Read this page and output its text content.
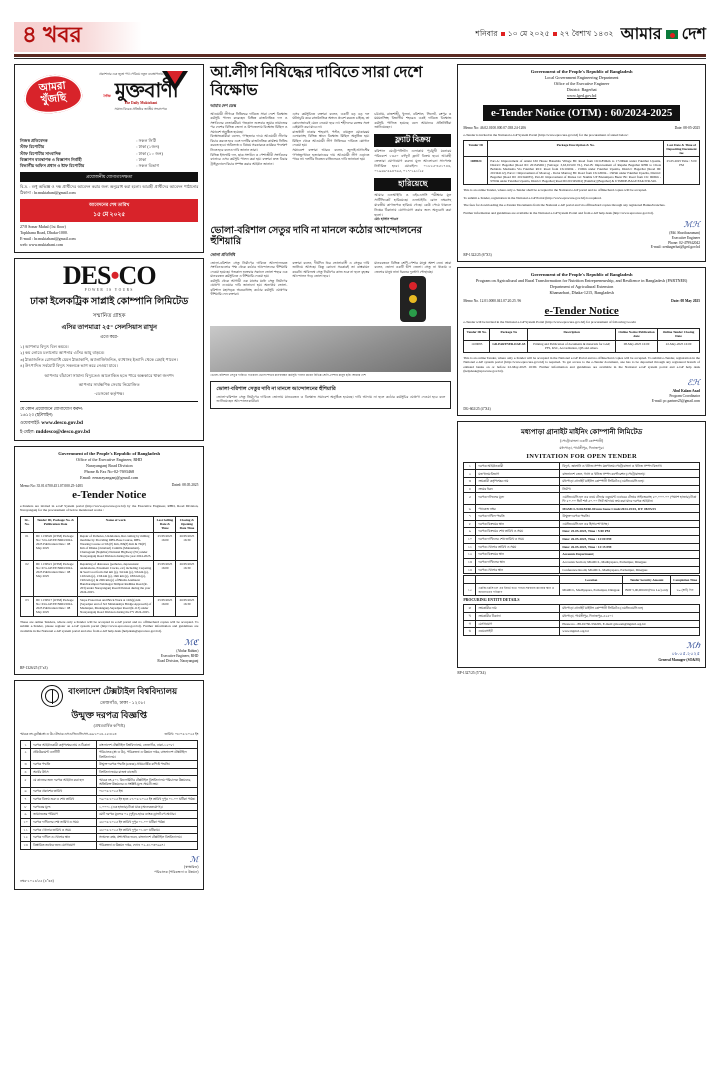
৪ খবর	শনিবার ১০ মে ২০২৫ ২৭ বৈশাখ ১৪৩২ আমার দেশ
আমরা
খুঁজছি
প্রকাশনার এক জুতা পথ পেরিয়ে নতুন ব্যবস্থাপনায়, নতুন আঙ্গিকে
দৈনিক মুক্তবাণী
The Daily Muktobani
সমাজ বিবেক প্রতিষ্ঠার জাতীয় সংবাদপত্র
নিজস্ব প্রতিবেদক	: সকল সিটি
স্টাফ রিপোর্টার	: ঢাকা (১জন)
স্টাফ রিপোর্টার সাংবাদিক	: ঢাকা (১০ জন)
বিজ্ঞাপন ব্যবস্থাপক ও বিজ্ঞাপন নির্বাহী	: ঢাকা
বিভাগীয় অফিস প্রধান ও ষ্টাফ রিপোর্টার	: সকল বিভাগ
প্রয়োজনীয় যোগ্যতা/দক্ষতা
বি.দ্র. : শুধু অভিজ্ঞ ও দক্ষ প্রার্থীদের আবেদন করার জন্য অনুরোধ করা হলো। আগ্রহী প্রার্থীদের আবেদন পাঠানোর ঠিকানা : hr.muktabani@gmail.com
আবেদনের শেষ তারিখ
১৫ মে ২০২৫
27/8 Sonar Mahal (1st floor)
Topkhana Road, Dhaka-1000.
E-mail : hr.muktabani@gmail.com
web: www.muktabani.com
DES•CO
POWER IS YOURS
ঢাকা ইলেকট্রিক সাপ্লাই কোম্পানি লিমিটেড
সম্মানিত গ্রাহক
এসির তাপমাত্রা ২৫° সেলসিয়াস রাখুন
এতে করে-
১) আপনার বিদ্যুৎ বিল কমবে।
২) কম লোডে চলানোয় আপনার এসির আয়ু বাড়বে।
৩) ঠান্ডাজনিত রোগব্যাধি যেমন ঠান্ডাকাশি, অ্যালার্জিজনিত, ব্যাথাসহ ইত্যাদি থেকে রেহাই পাবেন।
৪) উৎপাদিত সর্বমোট বিদ্যুৎ সকলকে ভাগ করে নেওয়া যাবে।
আপনার বাঁচানো সামান্য বিদ্যুতেও আলোকিত হতে পারে অন্ধকারে থাকা জনপদ
আপনার সার্বক্ষণিক সেবায় নিয়োজিত
-ডেসকো কর্তৃপক্ষ।
যে কোন প্রয়োজনে যোগাযোগ করুন:
১৬১২০ (হটলাইন)
ওয়েবসাইট: www.desco.gov.bd
ই-মেইল: mddesco@desco.gov.bd
Government of the People's Republic of Bangladesh
Office of the Executive Engineer, RHD
Narayanganj Road Division
Phone & Fax No-02-7693468
Email: eenarayanganj@gmail.com
Memo No: 35.01.6700.451.07.000.25-1483	Dated: 08.05.2025
e-Tender Notice
e-Tenders are invited in e-GP System portal (http://www.eprocure.gov.bd) by the Executive Engineer, RHD, Road Division, Narayanganj for the procurement of below mentioned works :
SL. No.	Tender ID, Package No. & Publication Date	Name of work	Last Selling Date & Time	Closing & Opening Date Time
01	ID: 1139526 (OTM) Package No: 72/e-GP/EE/NRD/2024-2025 Publication Date : 08 May 2025	Repair of Potholes, Undulation, Rut cutting by milling machine by Providing DBS-Base Course, DBS-Wearing Course at 5th (P) Km, 8th(P) Km & 7th(P) Km of Dhaka (Jatrabari) Cumilla (Mainamati)-Chattogram (Najirhat) National Highway (N1) under Narayanganj Road Division during the year 2024-2025.	25/05/2025 16:00	26/05/2025 16:30
02	ID: 1139521 (OTM) Package No: 67/e-GP/EE/NRD/2024-2025 Publication Date : 08 May 2025	Repairing of distresses (potholes, depressions/ undulations, Pavement Cracks, etc) including Carpeting & Seal Coat from 2nd km (p), 3rd km (p), 5th km (p), 12th km (p), 13th km (p), 16th km (p), 18th km (p), 19th km (p) & 20th km (p) of Bhulta Araihazar Bancharampur Nabinagar Shibpur Radhika Road (R-203) under Narayanganj Road Division during the year 2024-2025.	25/05/2025 16:00	26/05/2025 16:30
03	ID: 1139517 (OTM) Package No: 63/e-GP/EE/NRD/2024-2025 Publication Date : 08 May 2025	Slope Protection and Brick Work at 12th(p) km (Sayedpur end of 3rd Shitalakshya Bridge Approach) of Madanpur, Madanganj-Sayedpur Road (R-113) under Narayanganj Road Division during the FY 2024-2025.	25/05/2025 16:00	26/05/2025 16:30
These are online Tenders, where only e-Tender will be accepted in e-GP portal and no offline/hard copies will be accepted. To submit e-Tender, please register on e-GP system portal (http://www.eprocure.gov.bd). Further information and guidelines are available in the National e-GP system portal and also from e-GP help desk (helpdesk@eprocure.gov.bd).
ℳℭ
(Abdur Rahim)
Executive Engineer, RHD
Road Division, Narayanganj
RP-1326/25 (5"x3)
বাংলাদেশ টেক্সটাইল বিশ্ববিদ্যালয়
তেজগাঁও, ঢাকা - ১২০৮।
উন্মুক্ত দরপত্র বিজ্ঞপ্তি
(প্রথমবার্ষিক কপি/ষ্ট)
স্মারক নং-বুটেক্স/প্ল্য ও উ:/টেন্ডার/এসএ/জিএসিসেস-৬৬/২০২৪-২৫/৪২৩	তারিখ: ০৮/০৫/২০২৫ ইং
১	দরপত্র আহ্বানকারী কর্তৃপক্ষের নাম ও ঠিকানা	বাংলাদেশ টেক্সটাইল বিশ্ববিদ্যালয়, তেজগাঁও, ঢাকা-১২০৮।
২	প্রকিউরমেন্ট এনটিটি	পরিচালক (প্ল্য ও উ:), পরিকল্পনা ও উন্নয়ন দপ্তর, বাংলাদেশ টেক্সটাইল বিশ্ববিদ্যালয়।
৩	দরপত্র পদ্ধতি	উন্মুক্ত দরপত্র পদ্ধতি (OTM) প্রথমবার্ষিক কপি/ষ্ট পদ্ধতি।
৪	অর্থের উৎস	বিশ্ববিদ্যালয়ের রাজস্ব বাজেট।
৫	যে কাজের জন্য দরপত্র আহ্বান করা হল	স্মারক নং-৫০১ কিলোমিটার টেক্সটাইল বিশ্ববিদ্যালয় পরিচালক উন্নয়নের, অতিরিক্ত উন্নয়নের ও সংশ্লিষ্ট মূল্য সামগ্রী ক্রয়।
৬	দরপত্র প্রকাশের তারিখ	০৮/০৫/২০২৫ ইং।
৭	দরপত্র বিক্রয় শুরু ও শেষ তারিখ	০৯/০৫/২০২৫ ইং হতে ২৭/০৫/২০২৫ ইং তারিখ দুপুর ০১.০০ ঘটিকা পর্যন্ত।
৮	দরপত্রের মূল্য	১,০০০/- (এক হাজার) টাকা মাত্র (অফেরতযোগ্য)।
৯	জামানতের পরিমাণ	মোট দরপত্র মূল্যের ০২ (দুই)% হারে ব্যাংক ড্রাফট/পে-অর্ডার।
১০	দরপত্র দাখিলের শেষ তারিখ ও সময়	২৮/০৫/২০২৫ ইং তারিখ দুপুর ০১.০০ ঘটিকা পর্যন্ত।
১১	দরপত্র খোলার তারিখ ও সময়	২৮/০৫/২০২৫ ইং তারিখ দুপুর ০১.৩০ ঘটিকায়।
১২	দরপত্র দাখিল ও খোলার স্থান	সম্মেলন কক্ষ, প্রশাসনিক ভবন, বাংলাদেশ টেক্সটাইল বিশ্ববিদ্যালয়।
১৩	বিস্তারিত তথ্যের জন্য যোগাযোগ	পরিকল্পনা ও উন্নয়ন দপ্তর, ফোন: ০২-৪১০৩০৯৬৭।
ℳ
(স্বাক্ষরিত)
পরিচালক (পরিকল্পনা ও উন্নয়ন)
নম্বর-২০২৪/৫৫ (৪"x৩)
আ.লীগ নিষিদ্ধের দাবিতে সারা দেশে বিক্ষোভ
আমার দেশ ডেস্ক

আওয়ামী লীগকে নিষিদ্ধের দাবিতে সারা দেশে বিক্ষোভ কর্মসূচি পালন করেছেন বিভিন্ন রাজনৈতিক দল ও সংগঠনের নেতাকর্মীরা। গতকাল শুক্রবার জুমার নামাজের পর দেশের বিভিন্ন জেলা ও উপজেলায় বিক্ষোভ মিছিল ও সমাবেশ অনুষ্ঠিত হয়েছে।

বিক্ষোভকারীরা বলেন, গণহত্যার দায়ে আওয়ামী লীগের বিচার করতে হবে এবং দলটির রাজনৈতিক কার্যক্রম নিষিদ্ধ করতে হবে। অবিলম্বে এ বিষয়ে সরকারকে কার্যকর পদক্ষেপ নিতে হবে বলেও দাবি জানান তারা।

বিভিন্ন ইসলামি দল, ছাত্র সংগঠন ও পেশাজীবী সংগঠনের ব্যানারে এসব কর্মসূচি পালন করা হয়। বক্তারা দ্রুত বিচার ট্রাইব্যুনালে বিচার সম্পন্ন করার আহ্বান জানান।

এসব কর্মসূচিতে বক্তারা বলেন, একটি বড় বড় দল ঘটনাচুরি করে রাজনৈতিক অঙ্গনে প্রবেশ করতে চাইছে, তা কোনোভাবেই মেনে নেওয়া হবে না। শহীদদের রক্তের সঙ্গে বেইমানি করা যাবে না।

রাজধানী ঢাকার শাহবাগ, পল্টন, বায়তুল মোকাররম এলাকাসহ বিভিন্ন স্থানে বিক্ষোভ মিছিল অনুষ্ঠিত হয়। মিছিল থেকে আওয়ামী লীগ নিষিদ্ধের দাবিতে স্লোগান দেওয়া হয়।

সমাবেশে বক্তারা আরও বলেন, জুলাই-আগস্টের গণঅভ্যুত্থানে হত্যাকাণ্ডের দায় আওয়ামী লীগ এড়াতে পারে না। দলটির নিবন্ধন বাতিলেরও দাবি জানানো হয়।

চট্টগ্রাম, রাজশাহী, খুলনা, বরিশাল, সিলেট, রংপুর ও ময়মনসিংহ বিভাগীয় শহরেও একই দাবিতে বিক্ষোভ কর্মসূচি পালিত হয়েছে বলে আমাদের প্রতিনিধিরা জানিয়েছেন।

ফ্ল্যাট বিক্রয়
বরিশাল মেট্রোপলিটন এলাকায় পূর্বমুখী মনোরম পরিবেশে ১৩৫০ বর্গফুট ফ্ল্যাট বিক্রয় হবে। আগ্রহী ক্রেতারা যোগাযোগ করুন। মূল্য আলোচনা সাপেক্ষে নির্ধারিত হবে। মোবাইল: ০১৮২৫-৪৫১৭৪৪, ০১৯৬৬-৫৯৪৭৬৫, ০১৭-১৯১/২৫
হারিয়েছে
আমার এনআইডি ও এইচএসসি পরীক্ষার মূল সার্টিফিকেট হারিয়েছে। এনআইডি রোল নম্বরসহ যাবতীয় কাগজপত্র হারিয়ে গেছে। কেউ পেয়ে থাকলে নিম্নের ঠিকানায় যোগাযোগ করার জন্য অনুরোধ করা হলো।
মো: হাসান শাওন
ভোলা-বরিশাল সেতুর দাবি না মানলে কঠোর আন্দোলনের হুঁশিয়ারি
ভোলা প্রতিনিধি

ভোলা-বরিশাল সেতু নির্মাণের দাবিতে আন্দোলনরত সংগঠনগুলোর পক্ষ থেকে কঠোর আন্দোলনের হুঁশিয়ারি দেওয়া হয়েছে। গতকাল শুক্রবার সকালে ভোলা শহরে এক মানববন্ধন কর্মসূচিতে এ হুঁশিয়ারি দেওয়া হয়।

কর্মসূচি থেকে আগামী এক মাসের মধ্যে সেতু নির্মাণের ঘোষণা দেওয়ার দাবি জানানো হয়। অন্যথায় ভোলা-বরিশাল মহাসড়ক অবরোধসহ কঠোর কর্মসূচি ঘোষণার হুঁশিয়ারি দেন বক্তারা।

বক্তারা বলেন, দীর্ঘদিন ধরে ভোলাবাসী এ সেতুর দাবি জানিয়ে আসছে। কিন্তু কোনো সরকারই তা বাস্তবায়ন করেনি। অবিলম্বে সেতু নির্মাণের কাজ শুরু না হলে বৃহত্তর আন্দোলন গড়ে তোলা হবে।

মানববন্ধনে বিভিন্ন শ্রেণি-পেশার মানুষ অংশ নেন। তারা বলেন, ভোলা একটি দ্বীপ জেলা। সেতু না থাকায় এ জেলার মানুষ নানা ধরনের দুর্ভোগ পোহাচ্ছে।

ভোলা-বরিশাল সেতুর দাবিতে গতকাল ভোলা শহরে মানববন্ধন কর্মসূচি পালন করেন বিভিন্ন শ্রেণি-পেশার মানুষ ছবি: আমার দেশ
ভোলা-বরিশাল সেতুর দাবি না মানলে আন্দোলনের হুঁশিয়ারি
ভোলা-বরিশাল সেতু নির্মাণের দাবিতে ভোলায় মানববন্ধন ও বিক্ষোভ সমাবেশ অনুষ্ঠিত হয়েছে। দাবি আদায় না হলে কঠোর কর্মসূচির ঘোষণা দেওয়া হবে বলে জানিয়েছেন আন্দোলনকারীরা।
Government of the People's Republic of Bangladesh
Local Government Engineering Department
Office of the Executive Engineer
District: Bagerhat
www.lged.gov.bd
e-Tender Notice (OTM) : 60/2024-2025
Memo No: 46.02.0100.000.07.038.24-1206	Date: 08-05-2025
e-Tender is invited in the National e-GP System Portal (http://www.eprocure.gov.bd) for the procurement of stated below:
Tender ID	Package Description & No.	Last Date & Time of Depositing Document fee
1088924	Part-A: Improvement of Attaki Uhl House Baisabila Village BC Road from Ch:0-850km to 1+200km under Fakirhat Upazila, District: Bagerhat [Road ID: 20134S061] [Salvage: 3,63,913.00 TL], Part-B: Improvement of Rupsha Bagerhat RHD to Chota Bobindo Madrasha Via Fakirhat RCC Road from Ch:1020m - 1500m under Fakirhat Upazila, District: Bagerhat [Road ID: 201344112], Part-C: Improvement of Mouvog - Dolot Manvog BC Road from Ch:1200m - 1365m under Fakirhat Upazila, District: Bagerhat [Road ID: 201344035], Part-D: Improvement of Mansa GC Nakhla UP BArunipara Bazar BC Road from Ch: 9600m - 9700m under Fakirhat Upazila, District: Bagerhat [Road ID:20134S004] [Fakirhat] [Bagerhat] & UTMIDP-BAGE/FAK/WR-S26.	25.05.2025 Time : 5:00 PM
This is an online Tender, where only e-Tender shall be accepted in the National e-GP portal and no offline/hard copies will be accepted.
To submit e-Tender, registration in the National e-GP Portal (http://www.eprocure.gov.bd) is required.
The fees for downloading the e-Tender Documents from the National e-GP portal and via offline/hard copies through any registered Banks/branches.
Further information and guidelines are available in the National e-GP System Portal and from e-GP help desk (http://www.eprocure.gov.bd).
ℳℋ
(Md. Sharifuzzaman)
Executive Engineer
Phone: 02-479942042
E-mail: xenbagerhat@lged.gov.bd
RP-1322/25 (6"X3)
Government of the People's Republic of Bangladesh
Program on Agricultural and Rural Transformation for Nutrition Entrepreneurship, and Resilience in Bangladesh (PARTNER)
Department of Agricultural Extension
Khamarbari, Dhaka-1215, Bangladesh
Memo No. 12.01.0000.041.07.20.25. 96	Date: 08 May 2025
e-Tender Notice
e-Tender will be invited in the National e-GP System Portal (http://www.eprocure.gov.bd) for procurement of following Goods:
Tender ID No.	Package No	Description	Online Notice Publication date	Online Tender Closing Date
1109085	GD-PARTNER-DAE-65	Printing and Publication of documents & materials for GAP, PFS, KSC, Accreditation, QIS and others.	08-May-2025 16:00	22-May-2025 16:00
This is an online Tender, where only e-Tender will be accepted in the National e-GP Portal and no offline/hard copies will be accepted. To submit e-Tender, registration in the National e-GP system portal (http://www.eprocure.gov.bd) is required. To get access to the e-Tender document, one has to be deposited through any registered branch of enlisted banks on or before 22-May-2025 16:00. Further information and guidelines are available in the National e-GP system portal and e-GP help desk (helpdesk@eprocure.gov.bd).
ℰℋ
Abul Kalam Azad
Program Coordinator
E-mail: pc.partner23@gmail.com
DG-602/25 (4"X4)
মধ্যপাড়া গ্রানাইট মাইনিং কোম্পানী লিমিটেড
(পেট্রোবাংলা একটি কোম্পানী)
মধ্যপাড়া, পার্বতীপুর, দিনাজপুর।
INVITATION FOR OPEN TENDER
১	দরপত্র আহ্বানকারী	বিদ্যুৎ, জ্বালানি ও খনিজ সম্পদ মন্ত্রণালয়/পেট্রোবাংলা ও খনিজ সম্পদ বিভাগ।
২	মন্ত্রণালয়/বিভাগ	বাংলাদেশ তেল, গ্যাস ও খনিজ সম্পদ কর্পোরেশন (পেট্রোবাংলা)।
৩	ক্রয়কারী কর্তৃপক্ষের নাম	মধ্যপাড়া গ্রানাইট মাইনিং কোম্পানী লিমিটেড (এমজিএমসিএল)।
৪	ক্রয়ের ধরন	নির্মাণ।
৫	দরপত্র দলিলের মূল্য	এমজিএমসিএল এর ব্যয়ে টেন্ডার ডকুমেন্ট এবারের টেন্ডার সাইজেরসহ ৫০,০০০.০০ (পঞ্চাশ হাজার) টাকা ফি ৫০.০০ ভিট শর্ত ৫০.০০ ভিট আদায়ে ক্রয় করা যাবে দরপত্র আহ্বান।
৬	প্যাকেজ নম্বর	MGMCL/SO&M/60-80 mm Stone Crush/2024-25/01, DT: 08/05/25
৭	দরপত্র দাখিল পদ্ধতি	উন্মুক্ত দরপত্র পদ্ধতি।
৮	দরপত্র বিক্রয়ের স্থান	এমজিএমসিএল এর হিসাব শাখাসহ।
৯	দরপত্র বিক্রয়ের শেষ তারিখ ও সময়	Date: 25-05-2025, Time : 5:00 PM
১০	দরপত্র দাখিলের শেষ তারিখ ও সময়	Date: 26-05-2025, Time : 12:00 PM
১১	দরপত্র খোলার তারিখ ও সময়	Date: 26-05-2025, Time : 12:15 PM
১২	দরপত্র বিক্রয়ের স্থান	Accounts Department;
১৩	দরপত্র দাখিলের স্থান	Accounts Section; MGMCL, Madhyapara, Parbatipur, Dinajpur.
১৪	দরপত্র খোলার স্থান	Conference Room; MGMCL, Madhyapara, Parbatipur, Dinajpur.
		Location	Tender Security Amount	Completion Time
১৫	এমজিএমসিএল এর ইয়ার্ড হতে পাথর সরবরাহ কাজের স্থান ও জামানতের পরিমাণ	MGMCL, Madhyapara, Parbatipur, Dinajpur.	BDT 5,00,000.00 (Five Lac) only	৬০ (ষাট) দিন
PROCURING ENTITY DETAILS
ক	ক্রয়কারীর নাম	মধ্যপাড়া গ্রানাইট মাইনিং কোম্পানী লিমিটেড (এমজিএমসিএল)
খ	ক্রয়কারীর ঠিকানা	মধ্যপাড়া, পার্বতীপুর, দিনাজপুর-৫২৫০।
গ	যোগাযোগ	Phone no - 88-01730-332205, E-mail: gm.som@mgmcl.org.bd
ঘ	ওয়েবসাইট	www.mgmcl.org.bd
ℳℎ
০৮.০৫.২০২৫
General Manager (SO&M)
RP-1327/25 (5"X4)
